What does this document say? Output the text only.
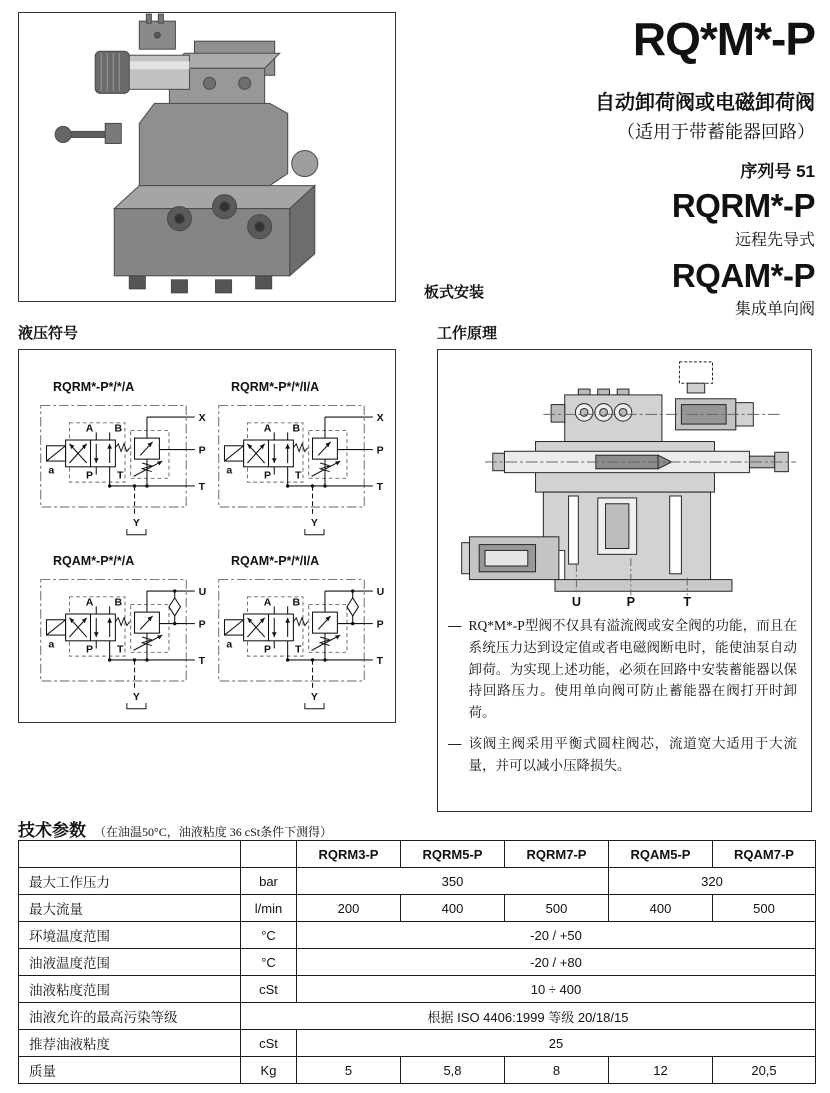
RQ*M*-P
自动卸荷阀或电磁卸荷阀
（适用于带蓄能器回路）
序列号 51
RQRM*-P
远程先导式
RQAM*-P
集成单向阀
板式安装
液压符号
RQRM*-P*/*/A
a
A B
P T
X
P
T
Y
RQRM*-P*/*/I/A
a
A B
P T
X
P
T
Y
RQAM*-P*/*/A
a
A B
P T
U
P
T
Y
RQAM*-P*/*/I/A
a
A B
P T
U
P
T
Y
工作原理
U	P	T
— RQ*M*-P型阀不仅具有溢流阀或安全阀的功能，而且在系统压力达到设定值或者电磁阀断电时，能使油泵自动卸荷。为实现上述功能，必须在回路中安装蓄能器以保持回路压力。使用单向阀可防止蓄能器在阀打开时卸荷。

— 该阀主阀采用平衡式圆柱阀芯，流道宽大适用于大流量，并可以减小压降损失。

技术参数 （在油温50°C，油液粘度 36 cSt条件下测得）
		RQRM3-P	RQRM5-P	RQRM7-P	RQAM5-P	RQAM7-P
最大工作压力	bar	350			320	
最大流量	l/min	200	400	500	400	500
环境温度范围	°C	-20 / +50				
油液温度范围	°C	-20 / +80				
油液粘度范围	cSt	10 ÷ 400				
油液允许的最高污染等级	根据 ISO 4406:1999 等级 20/18/15					
推荐油液粘度	cSt	25				
质量	Kg	5	5,8	8	12	20,5
